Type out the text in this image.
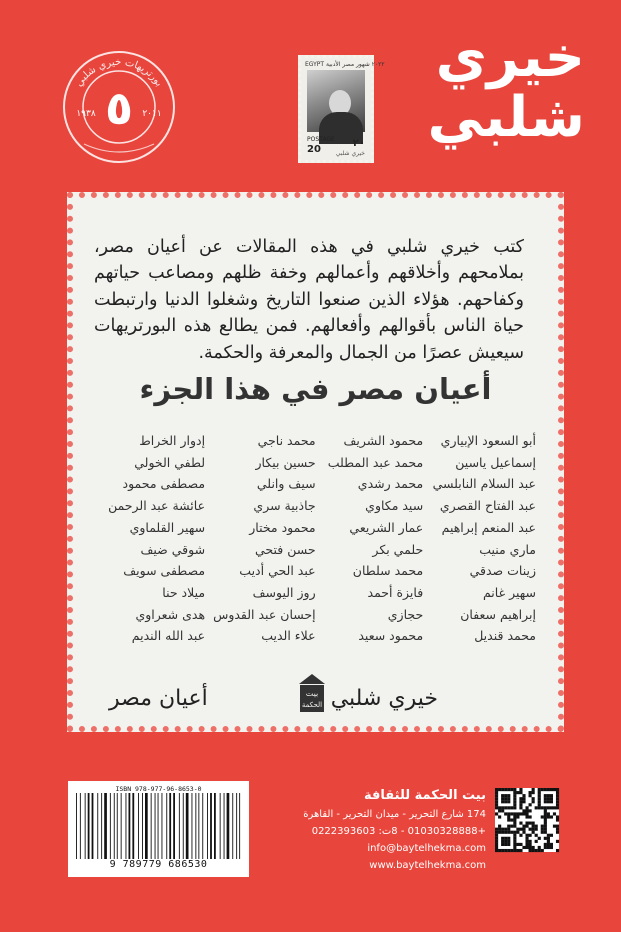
خيري
شلبي
EGYPT ٢٠٢٢ شهور مصر الأدبية
POSTAGE
20
٢٠
خيري شلبي
بورتريهات خيري شلبي
٥
١٩٣٨	٢٠١١
كتب خيري شلبي في هذه المقالات عن أعيان مصر، بملامحهم وأخلاقهم وأعمالهم وخفة ظلهم ومصاعب حياتهم وكفاحهم. هؤلاء الذين صنعوا التاريخ وشغلوا الدنيا وارتبطت حياة الناس بأقوالهم وأفعالهم. فمن يطالع هذه البورتريهات سيعيش عصرًا من الجمال والمعرفة والحكمة.
أعيان مصر في هذا الجزء
أبو السعود الإبياري
إسماعيل ياسين
عبد السلام النابلسي
عبد الفتاح القصري
عبد المنعم إبراهيم
ماري منيب
زينات صدقي
سهير غانم
إبراهيم سعفان
محمد قنديل
محمود الشريف
محمد عبد المطلب
محمد رشدي
سيد مكاوي
عمار الشريعي
حلمي بكر
محمد سلطان
فايزة أحمد
حجازي
محمود سعيد
محمد ناجي
حسين بيكار
سيف وانلي
جاذبية سري
محمود مختار
حسن فتحي
عبد الحي أديب
روز اليوسف
إحسان عبد القدوس
علاء الديب
إدوار الخراط
لطفي الخولي
مصطفى محمود
عائشة عبد الرحمن
سهير القلماوي
شوقي ضيف
مصطفى سويف
ميلاد حنا
هدى شعراوي
عبد الله النديم
خيري شلبي
بيت
الحكمة
أعيان مصر
ISBN 978-977-96-8653-0
9 789779 686530
بيت الحكمة للثقافة
174 شارع التحرير - ميدان التحرير - القاهرة
ت: 0222393603‎8 - 01030328888+
info@baytelhekma.com
www.baytelhekma.com
